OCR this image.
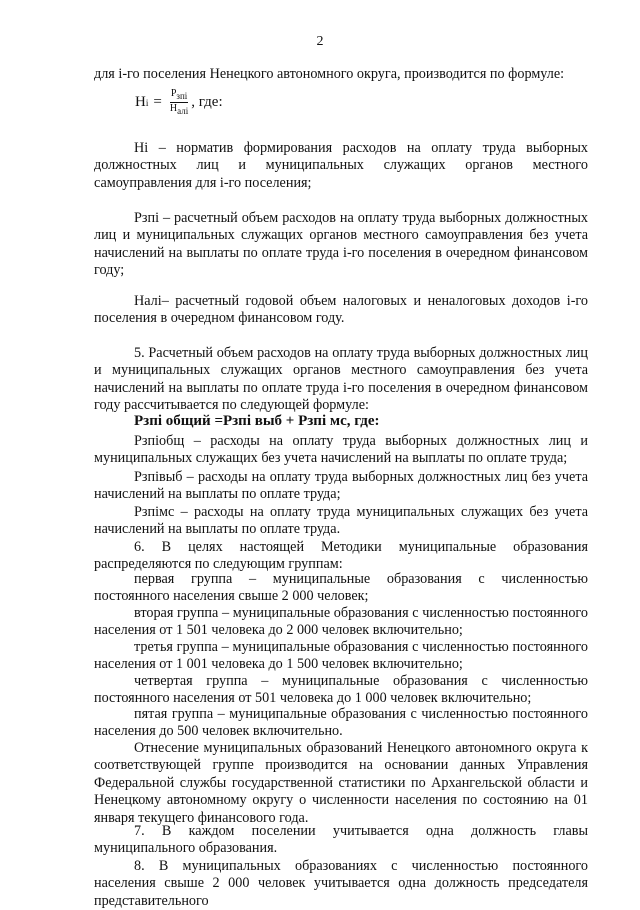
2
для i-го поселения Ненецкого автономного округа, производится по формуле:
Н $i = \frac{Р_{зпi}}{Н_{алi}}$ , где:
Нi – норматив формирования расходов на оплату труда выборных должностных лиц и муниципальных служащих органов местного самоуправления для i-го поселения;
Рзпi – расчетный объем расходов на оплату труда выборных должностных лиц и муниципальных служащих органов местного самоуправления без учета начислений на выплаты по оплате труда i-го поселения в очередном финансовом году;
Налi– расчетный годовой объем налоговых и неналоговых доходов i-го поселения в очередном финансовом году.
5. Расчетный объем расходов на оплату труда выборных должностных лиц и муниципальных служащих органов местного самоуправления без учета начислений на выплаты по оплате труда i-го поселения в очередном финансовом году рассчитывается по следующей формуле:
Рзпi общий =Рзпi выб + Рзпi мс, где:
Рзпiобщ – расходы на оплату труда выборных должностных лиц и муниципальных служащих без учета начислений на выплаты по оплате труда;
Рзпiвыб – расходы на оплату труда выборных должностных лиц без учета начислений на выплаты по оплате труда;
Рзпiмс – расходы на оплату труда муниципальных служащих без учета начислений на выплаты по оплате труда.
6. В целях настоящей Методики муниципальные образования распределяются по следующим группам:
первая группа – муниципальные образования с численностью постоянного населения свыше 2 000 человек;
вторая группа – муниципальные образования с численностью постоянного населения от 1 501 человека до 2 000 человек включительно;
третья группа – муниципальные образования с численностью постоянного населения от 1 001 человека до 1 500 человек включительно;
четвертая группа – муниципальные образования с численностью постоянного населения от 501 человека до 1 000 человек включительно;
пятая группа – муниципальные образования с численностью постоянного населения до 500 человек включительно.
Отнесение муниципальных образований Ненецкого автономного округа к соответствующей группе производится на основании данных Управления Федеральной службы государственной статистики по Архангельской области и Ненецкому автономному округу о численности населения по состоянию на 01 января текущего финансового года.
7. В каждом поселении учитывается одна должность главы муниципального образования.
8. В муниципальных образованиях с численностью постоянного населения свыше 2 000 человек учитывается одна должность председателя представительного
